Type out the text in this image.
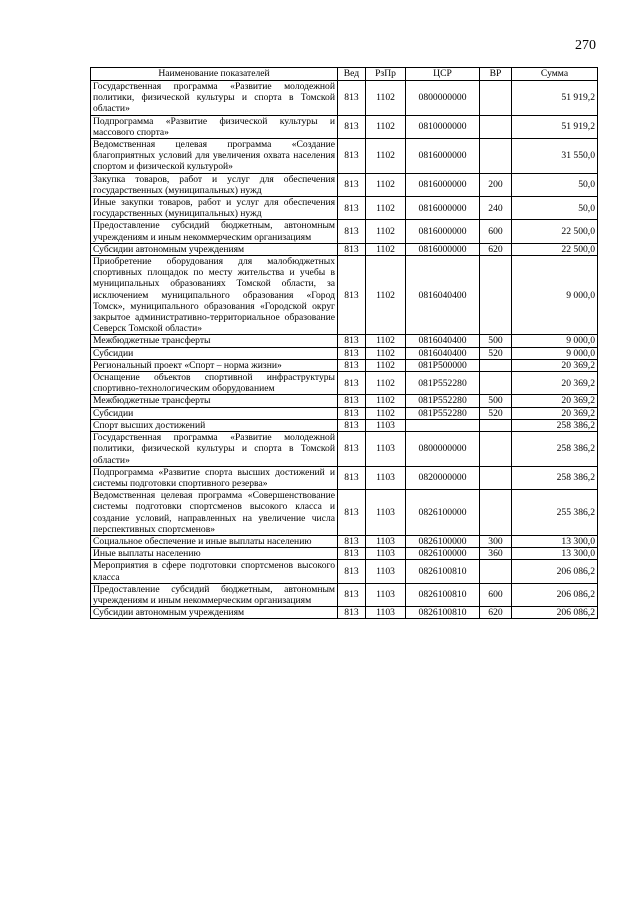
270
Наименование показателей	Вед	РзПр	ЦСР	ВР	Сумма
Государственная программа «Развитие молодежной политики, физической культуры и спорта в Томской области»	813	1102	0800000000		51 919,2
Подпрограмма «Развитие физической культуры и массового спорта»	813	1102	0810000000		51 919,2
Ведомственная целевая программа «Создание благоприятных условий для увеличения охвата населения спортом и физической культурой»	813	1102	0816000000		31 550,0
Закупка товаров, работ и услуг для обеспечения государственных (муниципальных) нужд	813	1102	0816000000	200	50,0
Иные закупки товаров, работ и услуг для обеспечения государственных (муниципальных) нужд	813	1102	0816000000	240	50,0
Предоставление субсидий бюджетным, автономным учреждениям и иным некоммерческим организациям	813	1102	0816000000	600	22 500,0
Субсидии автономным учреждениям	813	1102	0816000000	620	22 500,0
Приобретение оборудования для малобюджетных спортивных площадок по месту жительства и учебы в муниципальных образованиях Томской области, за исключением муниципального образования «Город Томск», муниципального образования «Городской округ закрытое административно-территориальное образование Северск Томской области»	813	1102	0816040400		9 000,0
Межбюджетные трансферты	813	1102	0816040400	500	9 000,0
Субсидии	813	1102	0816040400	520	9 000,0
Региональный проект «Спорт – норма жизни»	813	1102	081P500000		20 369,2
Оснащение объектов спортивной инфраструктуры спортивно-технологическим оборудованием	813	1102	081P552280		20 369,2
Межбюджетные трансферты	813	1102	081P552280	500	20 369,2
Субсидии	813	1102	081P552280	520	20 369,2
Спорт высших достижений	813	1103			258 386,2
Государственная программа «Развитие молодежной политики, физической культуры и спорта в Томской области»	813	1103	0800000000		258 386,2
Подпрограмма «Развитие спорта высших достижений и системы подготовки спортивного резерва»	813	1103	0820000000		258 386,2
Ведомственная целевая программа «Совершенствование системы подготовки спортсменов высокого класса и создание условий, направленных на увеличение числа перспективных спортсменов»	813	1103	0826100000		255 386,2
Социальное обеспечение и иные выплаты населению	813	1103	0826100000	300	13 300,0
Иные выплаты населению	813	1103	0826100000	360	13 300,0
Мероприятия в сфере подготовки спортсменов высокого класса	813	1103	0826100810		206 086,2
Предоставление субсидий бюджетным, автономным учреждениям и иным некоммерческим организациям	813	1103	0826100810	600	206 086,2
Субсидии автономным учреждениям	813	1103	0826100810	620	206 086,2
